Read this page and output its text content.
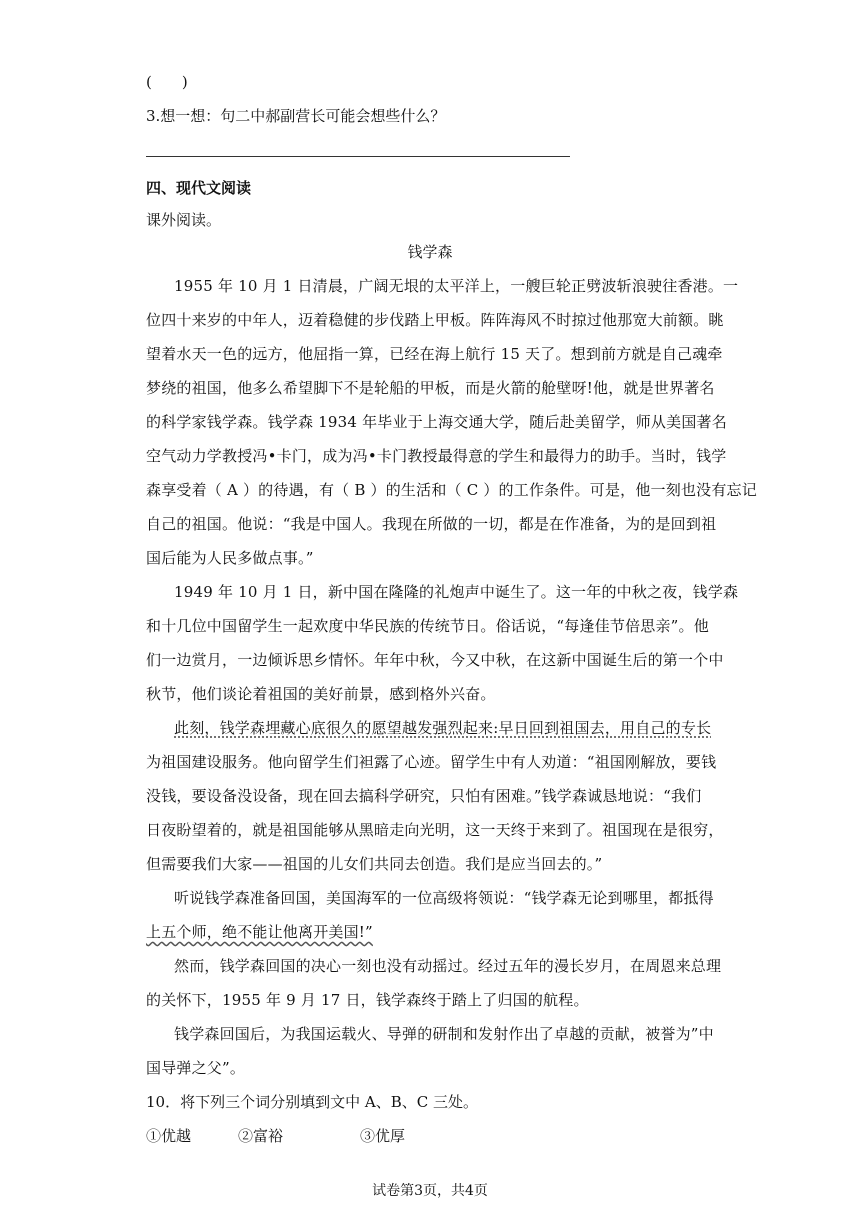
(　　)
3.想一想：句二中郝副营长可能会想些什么？
四、现代文阅读
课外阅读。
钱学森
1955 年 10 月 1 日清晨，广阔无垠的太平洋上，一艘巨轮正劈波斩浪驶往香港。一
位四十来岁的中年人，迈着稳健的步伐踏上甲板。阵阵海风不时掠过他那宽大前额。眺
望着水天一色的远方，他屈指一算，已经在海上航行 15 天了。想到前方就是自己魂牵
梦绕的祖国，他多么希望脚下不是轮船的甲板，而是火箭的舱壁呀!他，就是世界著名
的科学家钱学森。钱学森 1934 年毕业于上海交通大学，随后赴美留学，师从美国著名
空气动力学教授冯•卡门，成为冯•卡门教授最得意的学生和最得力的助手。当时，钱学
森享受着（ A ）的待遇，有（ B ）的生活和（ C ）的工作条件。可是，他一刻也没有忘记
自己的祖国。他说：“我是中国人。我现在所做的一切，都是在作准备，为的是回到祖
国后能为人民多做点事。”
1949 年 10 月 1 日，新中国在隆隆的礼炮声中诞生了。这一年的中秋之夜，钱学森
和十几位中国留学生一起欢度中华民族的传统节日。俗话说，“每逢佳节倍思亲”。他
们一边赏月，一边倾诉思乡情怀。年年中秋，今又中秋，在这新中国诞生后的第一个中
秋节，他们谈论着祖国的美好前景，感到格外兴奋。
此刻，钱学森埋藏心底很久的愿望越发强烈起来:早日回到祖国去，用自己的专长
为祖国建设服务。他向留学生们袒露了心迹。留学生中有人劝道：“祖国刚解放，要钱
没钱，要设备没设备，现在回去搞科学研究，只怕有困难。”钱学森诚恳地说：“我们
日夜盼望着的，就是祖国能够从黑暗走向光明，这一天终于来到了。祖国现在是很穷，
但需要我们大家——祖国的儿女们共同去创造。我们是应当回去的。”
听说钱学森准备回国，美国海军的一位高级将领说：“钱学森无论到哪里，都抵得
上五个师，绝不能让他离开美国!”
然而，钱学森回国的决心一刻也没有动摇过。经过五年的漫长岁月，在周恩来总理
的关怀下，1955 年 9 月 17 日，钱学森终于踏上了归国的航程。
钱学森回国后，为我国运载火、导弹的研制和发射作出了卓越的贡献，被誉为”中
国导弹之父”。
10．将下列三个词分别填到文中 A、B、C 三处。
①优越	②富裕	③优厚
试卷第3页，共4页
